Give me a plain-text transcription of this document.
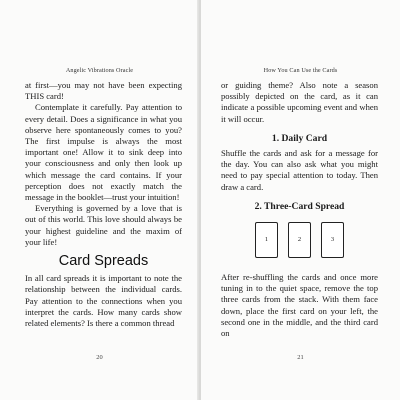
Angelic Vibrations Oracle

at first—you may not have been expecting THIS card!

Contemplate it carefully. Pay attention to every detail. Does a significance in what you observe here spontaneously comes to you? The first impulse is always the most important one! Allow it to sink deep into your consciousness and only then look up which message the card contains. If your perception does not exactly match the message in the booklet—trust your intuition!

Everything is governed by a love that is out of this world. This love should always be your highest guideline and the maxim of your life!

Card Spreads

In all card spreads it is important to note the relationship between the individual cards. Pay attention to the connections when you interpret the cards. How many cards show related elements? Is there a common thread

20
How You Can Use the Cards

or guiding theme? Also note a season possibly depicted on the card, as it can indicate a possible upcoming event and when it will occur.

1. Daily Card

Shuffle the cards and ask for a message for the day. You can also ask what you might need to pay special attention to today. Then draw a card.

2. Three-Card Spread
1	2	3

After re-shuffling the cards and once more tuning in to the quiet space, remove the top three cards from the stack. With them face down, place the first card on your left, the second one in the middle, and the third card on

21
